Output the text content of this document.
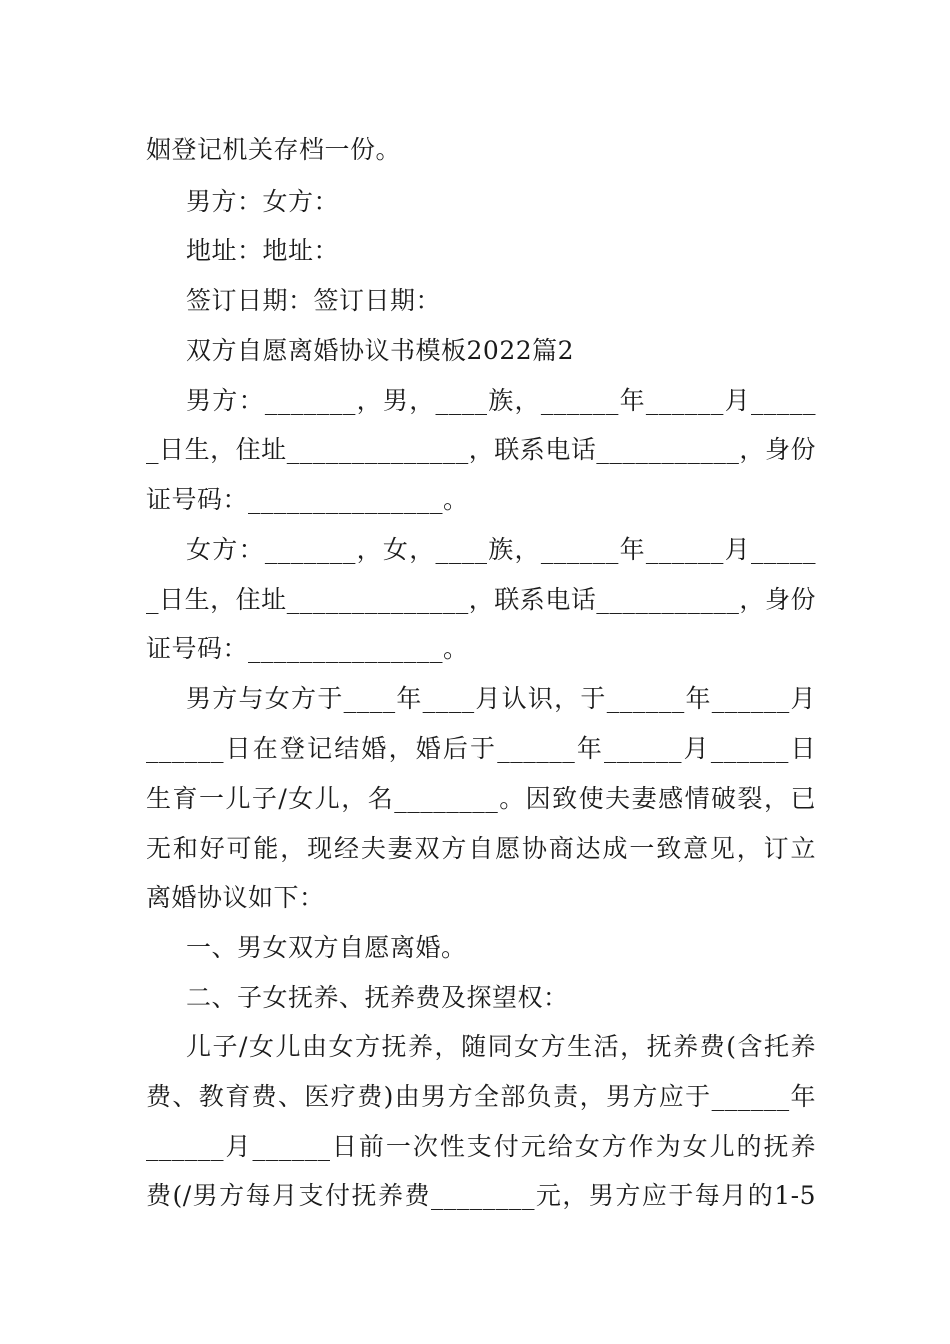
姻登记机关存档一份。
男方：女方：
地址：地址：
签订日期：签订日期：
双方自愿离婚协议书模板2022篇2
男方：_______，男，____族，______年______月_____
_日生，住址______________，联系电话___________，身份
证号码：_______________。
女方：_______，女，____族，______年______月_____
_日生，住址______________，联系电话___________，身份
证号码：_______________。
男方与女方于____年____月认识，于______年______月
______日在登记结婚，婚后于______年______月______日
生育一儿子/女儿，名________。因致使夫妻感情破裂，已
无和好可能，现经夫妻双方自愿协商达成一致意见，订立
离婚协议如下：
一、男女双方自愿离婚。
二、子女抚养、抚养费及探望权：
儿子/女儿由女方抚养，随同女方生活，抚养费(含托养
费、教育费、医疗费)由男方全部负责，男方应于______年
______月______日前一次性支付元给女方作为女儿的抚养
费(/男方每月支付抚养费________元，男方应于每月的1-5
